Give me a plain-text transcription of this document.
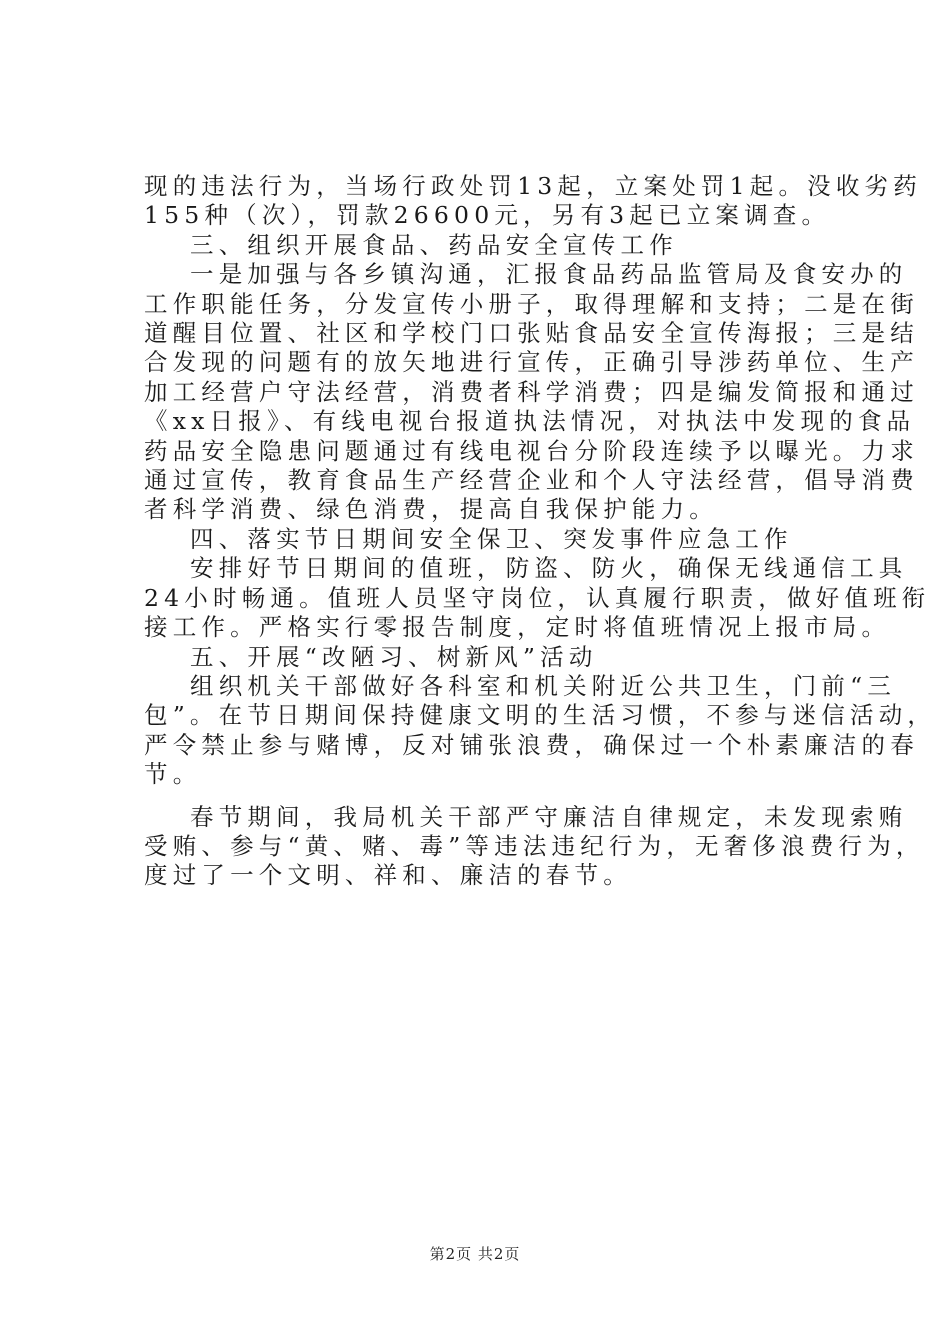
现的违法行为，当场行政处罚13起，立案处罚1起。没收劣药
155种（次），罚款26600元，另有3起已立案调查。
三、组织开展食品、药品安全宣传工作
一是加强与各乡镇沟通，汇报食品药品监管局及食安办的
工作职能任务，分发宣传小册子，取得理解和支持；二是在街
道醒目位置、社区和学校门口张贴食品安全宣传海报；三是结
合发现的问题有的放矢地进行宣传，正确引导涉药单位、生产
加工经营户守法经营，消费者科学消费；四是编发简报和通过
《xx日报》、有线电视台报道执法情况，对执法中发现的食品
药品安全隐患问题通过有线电视台分阶段连续予以曝光。力求
通过宣传，教育食品生产经营企业和个人守法经营，倡导消费
者科学消费、绿色消费，提高自我保护能力。
四、落实节日期间安全保卫、突发事件应急工作
安排好节日期间的值班，防盗、防火，确保无线通信工具
24小时畅通。值班人员坚守岗位，认真履行职责，做好值班衔
接工作。严格实行零报告制度，定时将值班情况上报市局。
五、开展“改陋习、树新风”活动
组织机关干部做好各科室和机关附近公共卫生，门前“三
包”。在节日期间保持健康文明的生活习惯，不参与迷信活动，
严令禁止参与赌博，反对铺张浪费，确保过一个朴素廉洁的春
节。
春节期间，我局机关干部严守廉洁自律规定，未发现索贿
受贿、参与“黄、赌、毒”等违法违纪行为，无奢侈浪费行为，
度过了一个文明、祥和、廉洁的春节。
第2页 共2页
